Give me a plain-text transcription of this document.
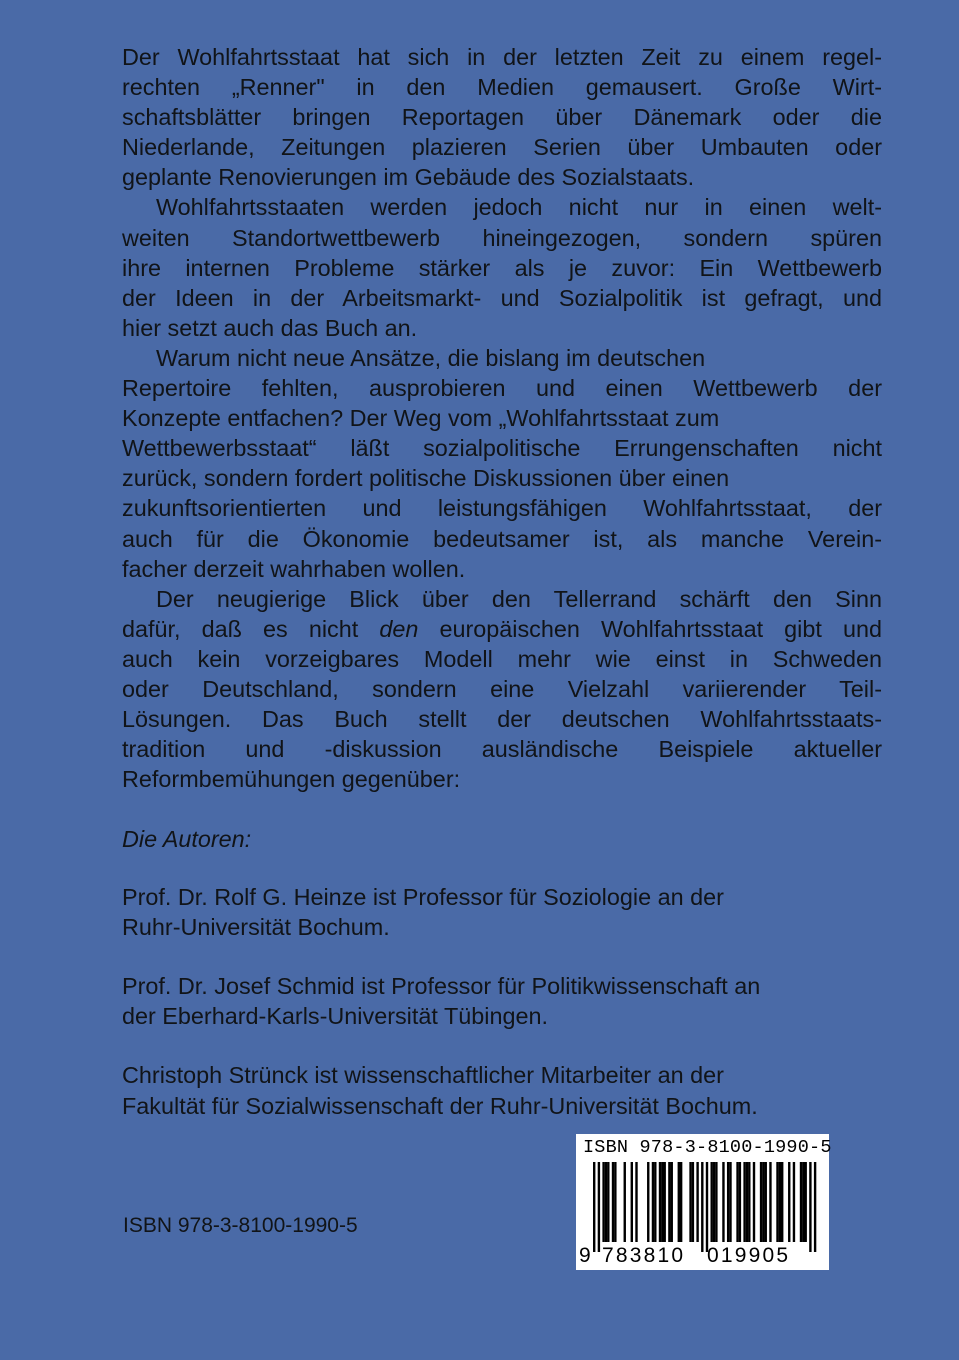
Der Wohlfahrtsstaat hat sich in der letzten Zeit zu einem regel-
rechten „Renner" in den Medien gemausert. Große Wirt-
schaftsblätter bringen Reportagen über Dänemark oder die
Niederlande, Zeitungen plazieren Serien über Umbauten oder
geplante Renovierungen im Gebäude des Sozialstaats.
Wohlfahrtsstaaten werden jedoch nicht nur in einen welt-
weiten Standortwettbewerb hineingezogen, sondern spüren
ihre internen Probleme stärker als je zuvor: Ein Wettbewerb
der Ideen in der Arbeitsmarkt- und Sozialpolitik ist gefragt, und
hier setzt auch das Buch an.
Warum nicht neue Ansätze, die bislang im deutschen
Repertoire fehlten, ausprobieren und einen Wettbewerb der
Konzepte entfachen? Der Weg vom „Wohlfahrtsstaat zum
Wettbewerbsstaat“ läßt sozialpolitische Errungenschaften nicht
zurück, sondern fordert politische Diskussionen über einen
zukunftsorientierten und leistungsfähigen Wohlfahrtsstaat, der
auch für die Ökonomie bedeutsamer ist, als manche Verein-
facher derzeit wahrhaben wollen.
Der neugierige Blick über den Tellerrand schärft den Sinn
dafür, daß es nicht den europäischen Wohlfahrtsstaat gibt und
auch kein vorzeigbares Modell mehr wie einst in Schweden
oder Deutschland, sondern eine Vielzahl variierender Teil-
Lösungen. Das Buch stellt der deutschen Wohlfahrtsstaats-
tradition und -diskussion ausländische Beispiele aktueller
Reformbemühungen gegenüber:
Die Autoren:
Prof. Dr. Rolf G. Heinze ist Professor für Soziologie an der
Ruhr-Universität Bochum.
Prof. Dr. Josef Schmid ist Professor für Politikwissenschaft an
der Eberhard-Karls-Universität Tübingen.
Christoph Strünck ist wissenschaftlicher Mitarbeiter an der
Fakultät für Sozialwissenschaft der Ruhr-Universität Bochum.
ISBN 978-3-8100-1990-5
ISBN 978-3-8100-1990-5
9 783810 019905
